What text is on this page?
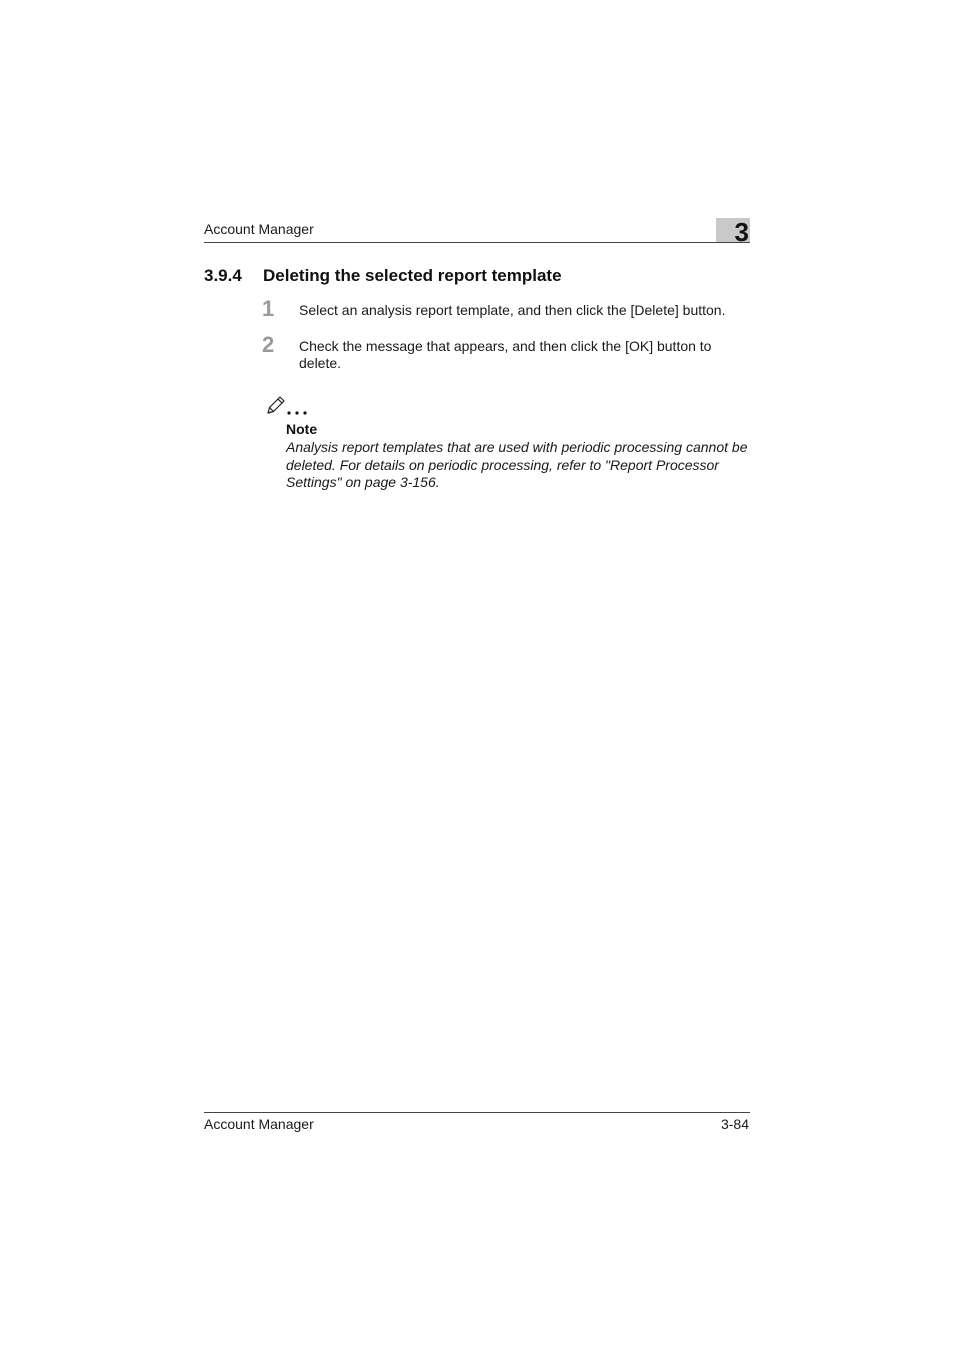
Account Manager	3
3.9.4 Deleting the selected report template
1 Select an analysis report template, and then click the [Delete] button.
2 Check the message that appears, and then click the [OK] button to delete.
Note
Analysis report templates that are used with periodic processing cannot be deleted. For details on periodic processing, refer to "Report Processor Settings" on page 3-156.
Account Manager	3-84
